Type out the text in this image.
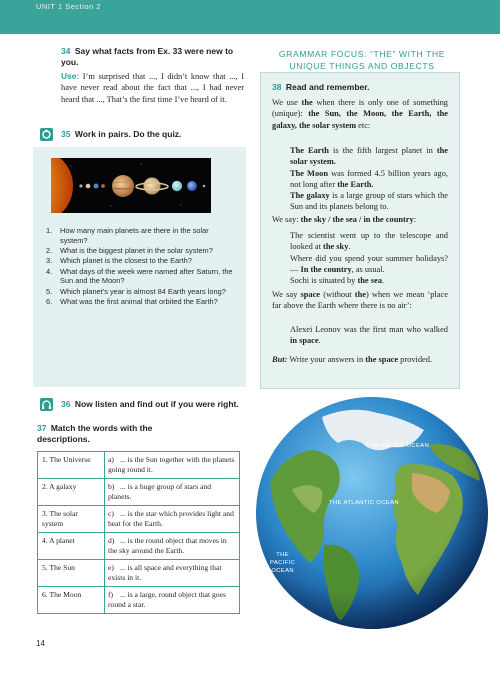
UNIT 1 Section 2
34 Say what facts from Ex. 33 were new to you.
Use: I’m surprised that ..., I didn’t know that ..., I have never read about the fact that ..., I had never heard that ..., That’s the first time I’ve heard of it.
35 Work in pairs. Do the quiz.
1. How many main planets are there in the solar system?
2. What is the biggest planet in the solar system?
3. Which planet is the closest to the Earth?
4. What days of the week were named after Saturn, the Sun and the Moon?
5. Which planet’s year is almost 84 Earth years long?
6. What was the first animal that orbited the Earth?
36 Now listen and find out if you were right.
37 Match the words with the descriptions.
1. The Universe	a) ... is the Sun together with the planets going round it.
2. A galaxy	b) ... is a huge group of stars and planets.
3. The solar system	c) ... is the star which provides light and heat for the Earth.
4. A planet	d) ... is the round object that moves in the sky around the Earth.
5. The Sun	e) ... is all space and everything that exists in it.
6. The Moon	f) ... is a large, round object that goes round a star.
14
GRAMMAR FOCUS: “THE” WITH THE
UNIQUE THINGS AND OBJECTS
38 Read and remember.
We use the when there is only one of something (unique): the Sun, the Moon, the Earth, the galaxy, the solar system etc:
The Earth is the fifth largest planet in the solar system.
The Moon was formed 4.5 billion years ago, not long after the Earth.
The galaxy is a large group of stars which the Sun and its planets belong to.
We say: the sky / the sea / in the country:
The scientist went up to the telescope and looked at the sky.
Where did you spend your summer holidays? — In the country, as usual.
Sochi is situated by the sea.
We say space (without the) when we mean ‘place far above the Earth where there is no air’:
Alexei Leonov was the first man who walked in space.
But: Write your answers in the space provided.
THE ARCTIC OCEAN
THE ATLANTIC OCEAN
THE
PACIFIC
OCEAN
